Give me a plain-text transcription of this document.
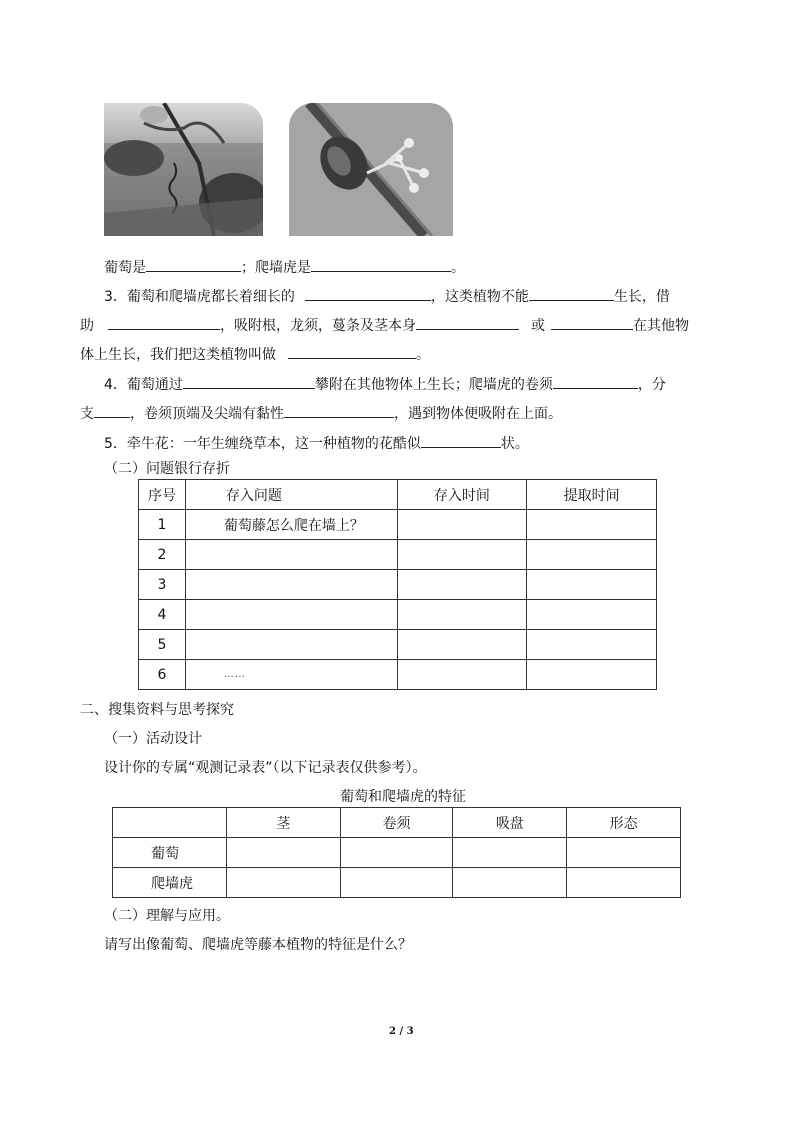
葡萄是	；爬墙虎是	。
3．葡萄和爬墙虎都长着细长的	，这类植物不能	生长，借
助	，吸附根，龙须，蔓条及茎本身	或	在其他物
体上生长，我们把这类植物叫做	。
4．葡萄通过	攀附在其他物体上生长；爬墙虎的卷须	，分
支	，卷须顶端及尖端有黏性	，遇到物体便吸附在上面。
5．牵牛花：一年生缠绕草本，这一种植物的花酷似	状。
（二）问题银行存折
序号	存入问题	存入时间	提取时间
1	葡萄藤怎么爬在墙上？		
2			
3			
4			
5			
6	……		
二、搜集资料与思考探究
（一）活动设计
设计你的专属“观测记录表”（以下记录表仅供参考）。
葡萄和爬墙虎的特征
	茎	卷须	吸盘	形态
葡萄				
爬墙虎				
（二）理解与应用。
请写出像葡萄、爬墙虎等藤本植物的特征是什么？
2 / 3
